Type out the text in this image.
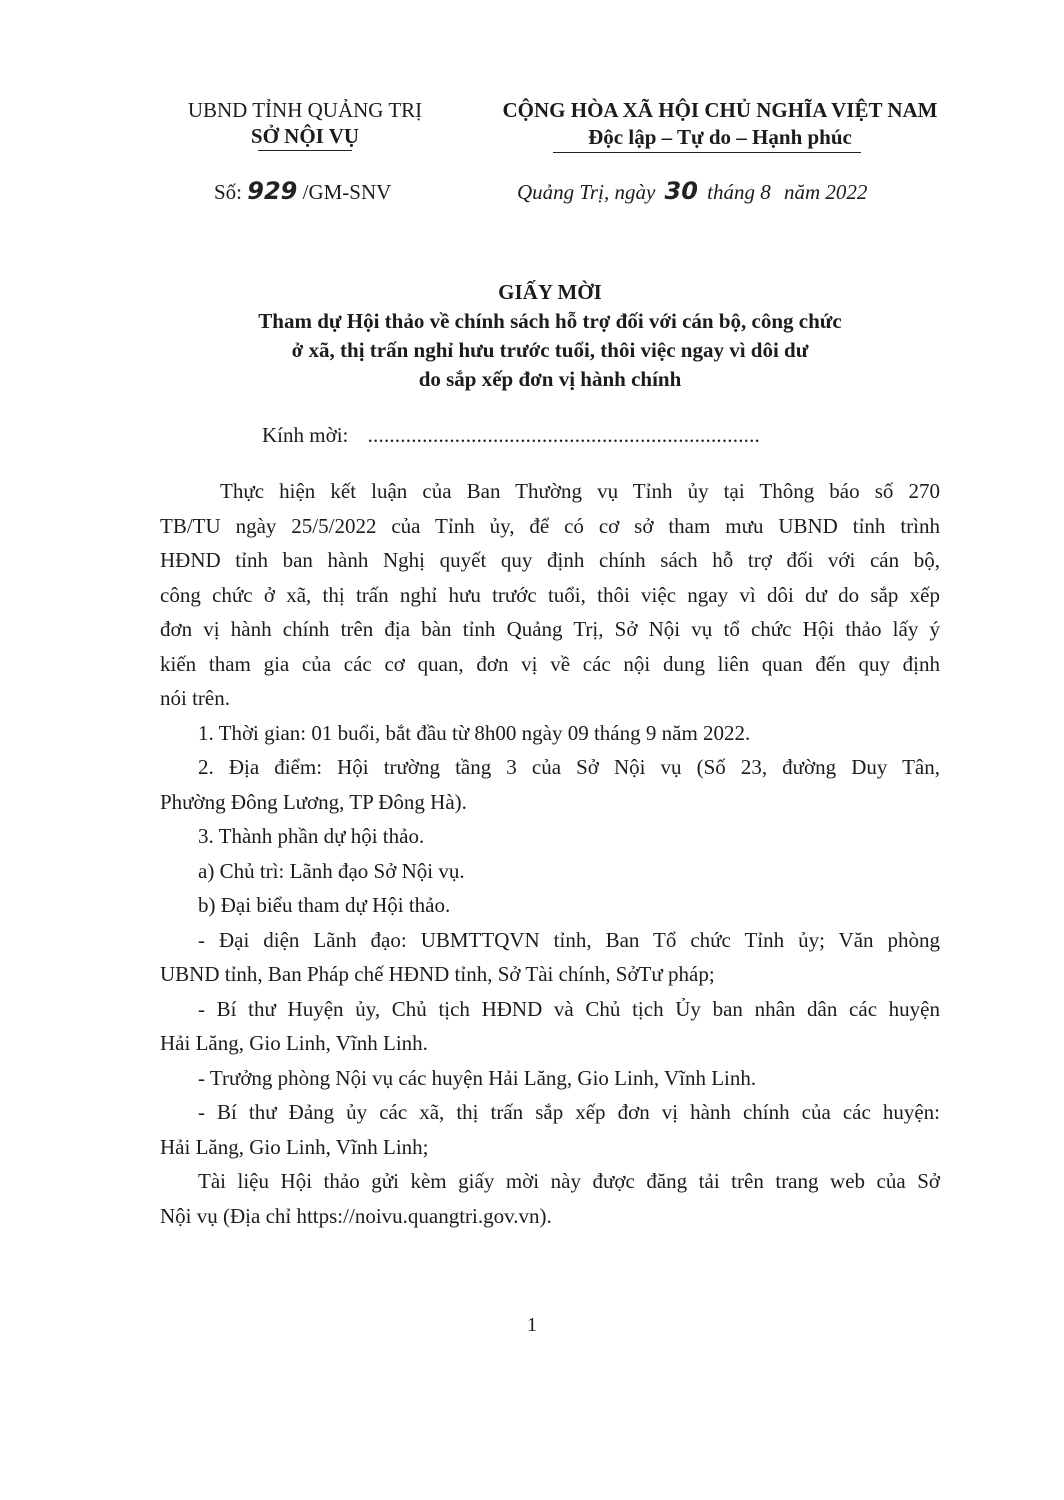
UBND TỈNH QUẢNG TRỊ
SỞ NỘI VỤ
CỘNG HÒA XÃ HỘI CHỦ NGHĨA VIỆT NAM
Độc lập – Tự do – Hạnh phúc
Số: 929 /GM-SNV	Quảng Trị, ngày 30 tháng 8 năm 2022
GIẤY MỜI
Tham dự Hội thảo về chính sách hỗ trợ đối với cán bộ, công chức
ở xã, thị trấn nghỉ hưu trước tuổi, thôi việc ngay vì dôi dư
do sắp xếp đơn vị hành chính
Kính mời: ........................................................................
Thực hiện kết luận của Ban Thường vụ Tỉnh ủy tại Thông báo số 270
TB/TU ngày 25/5/2022 của Tỉnh ủy, để có cơ sở tham mưu UBND tỉnh trình
HĐND tỉnh ban hành Nghị quyết quy định chính sách hỗ trợ đối với cán bộ,
công chức ở xã, thị trấn nghỉ hưu trước tuổi, thôi việc ngay vì dôi dư do sắp xếp
đơn vị hành chính trên địa bàn tỉnh Quảng Trị, Sở Nội vụ tổ chức Hội thảo lấy ý
kiến tham gia của các cơ quan, đơn vị về các nội dung liên quan đến quy định
nói trên.
1. Thời gian: 01 buổi, bắt đầu từ 8h00 ngày 09 tháng 9 năm 2022.
2. Địa điểm: Hội trường tầng 3 của Sở Nội vụ (Số 23, đường Duy Tân,
Phường Đông Lương, TP Đông Hà).
3. Thành phần dự hội thảo.
a) Chủ trì: Lãnh đạo Sở Nội vụ.
b) Đại biểu tham dự Hội thảo.
- Đại diện Lãnh đạo: UBMTTQVN tỉnh, Ban Tổ chức Tỉnh ủy; Văn phòng
UBND tỉnh, Ban Pháp chế HĐND tỉnh, Sở Tài chính, SởTư pháp;
- Bí thư Huyện ủy, Chủ tịch HĐND và Chủ tịch Ủy ban nhân dân các huyện
Hải Lăng, Gio Linh, Vĩnh Linh.
- Trưởng phòng Nội vụ các huyện Hải Lăng, Gio Linh, Vĩnh Linh.
- Bí thư Đảng ủy các xã, thị trấn sắp xếp đơn vị hành chính của các huyện:
Hải Lăng, Gio Linh, Vĩnh Linh;
Tài liệu Hội thảo gửi kèm giấy mời này được đăng tải trên trang web của Sở
Nội vụ (Địa chỉ https://noivu.quangtri.gov.vn).
1
